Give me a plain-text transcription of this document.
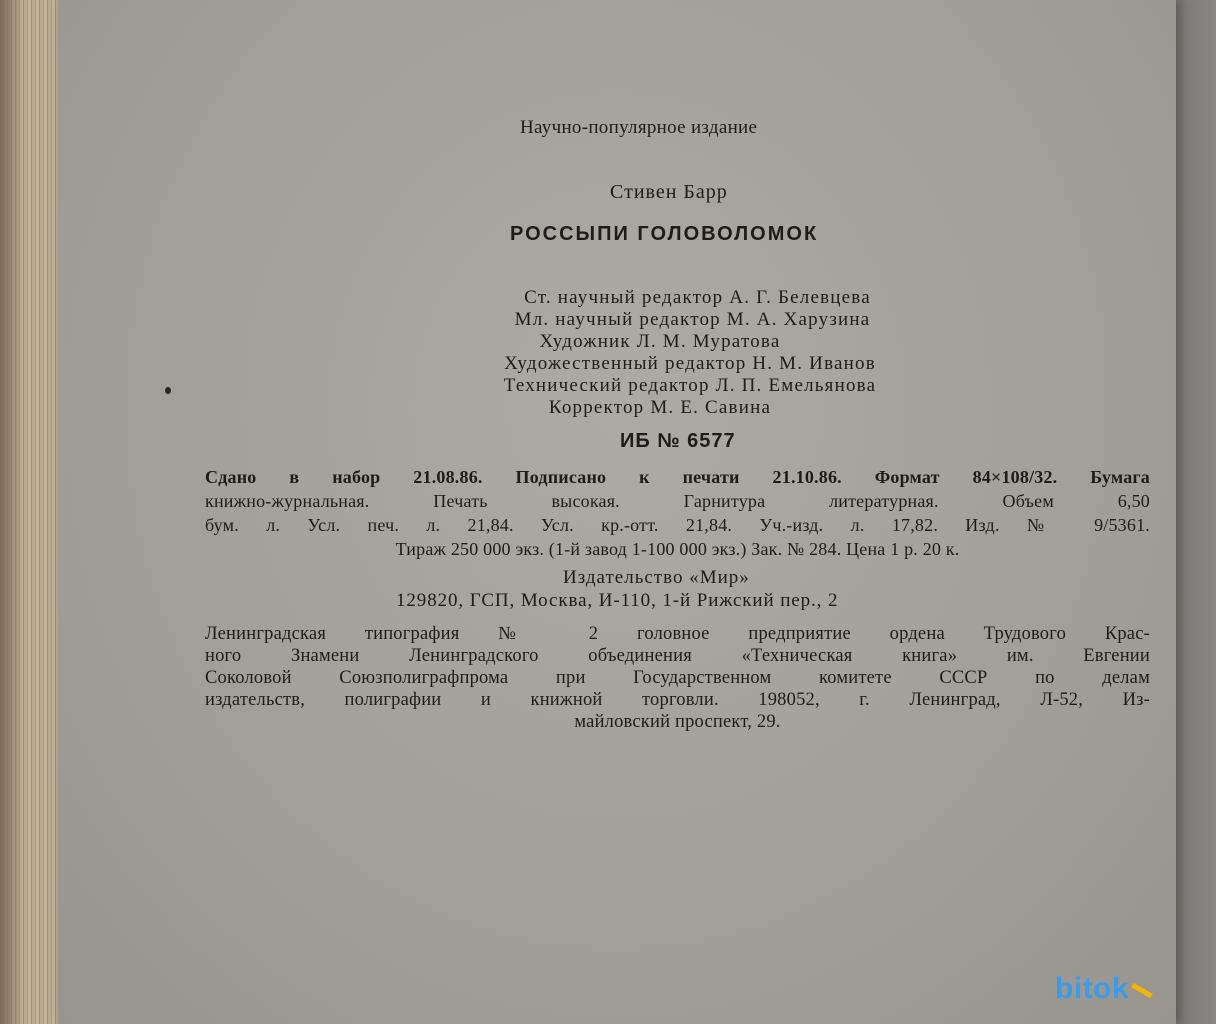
Научно-популярное издание
Стивен Барр
РОССЫПИ ГОЛОВОЛОМОК
Ст. научный редактор А. Г. Белевцева
Мл. научный редактор М. А. Харузина
Художник Л. М. Муратова
Художественный редактор Н. М. Иванов
Технический редактор Л. П. Емельянова
Корректор М. Е. Савина
ИБ № 6577
Сдано в набор 21.08.86. Подписано к печати 21.10.86. Формат 84×108/32. Бумага
книжно-журнальная. Печать высокая. Гарнитура литературная. Объем 6,50
бум. л. Усл. печ. л. 21,84. Усл. кр.-отт. 21,84. Уч.-изд. л. 17,82. Изд. № 9/5361.
Тираж 250 000 экз. (1-й завод 1-100 000 экз.) Зак. № 284. Цена 1 р. 20 к.
Издательство «Мир»
129820, ГСП, Москва, И-110, 1-й Рижский пер., 2
Ленинградская типография № 2 головное предприятие ордена Трудового Крас-
ного Знамени Ленинградского объединения «Техническая книга» им. Евгении
Соколовой Союзполиграфпрома при Государственном комитете СССР по делам
издательств, полиграфии и книжной торговли. 198052, г. Ленинград, Л-52, Из-
майловский проспект, 29.
bitok
